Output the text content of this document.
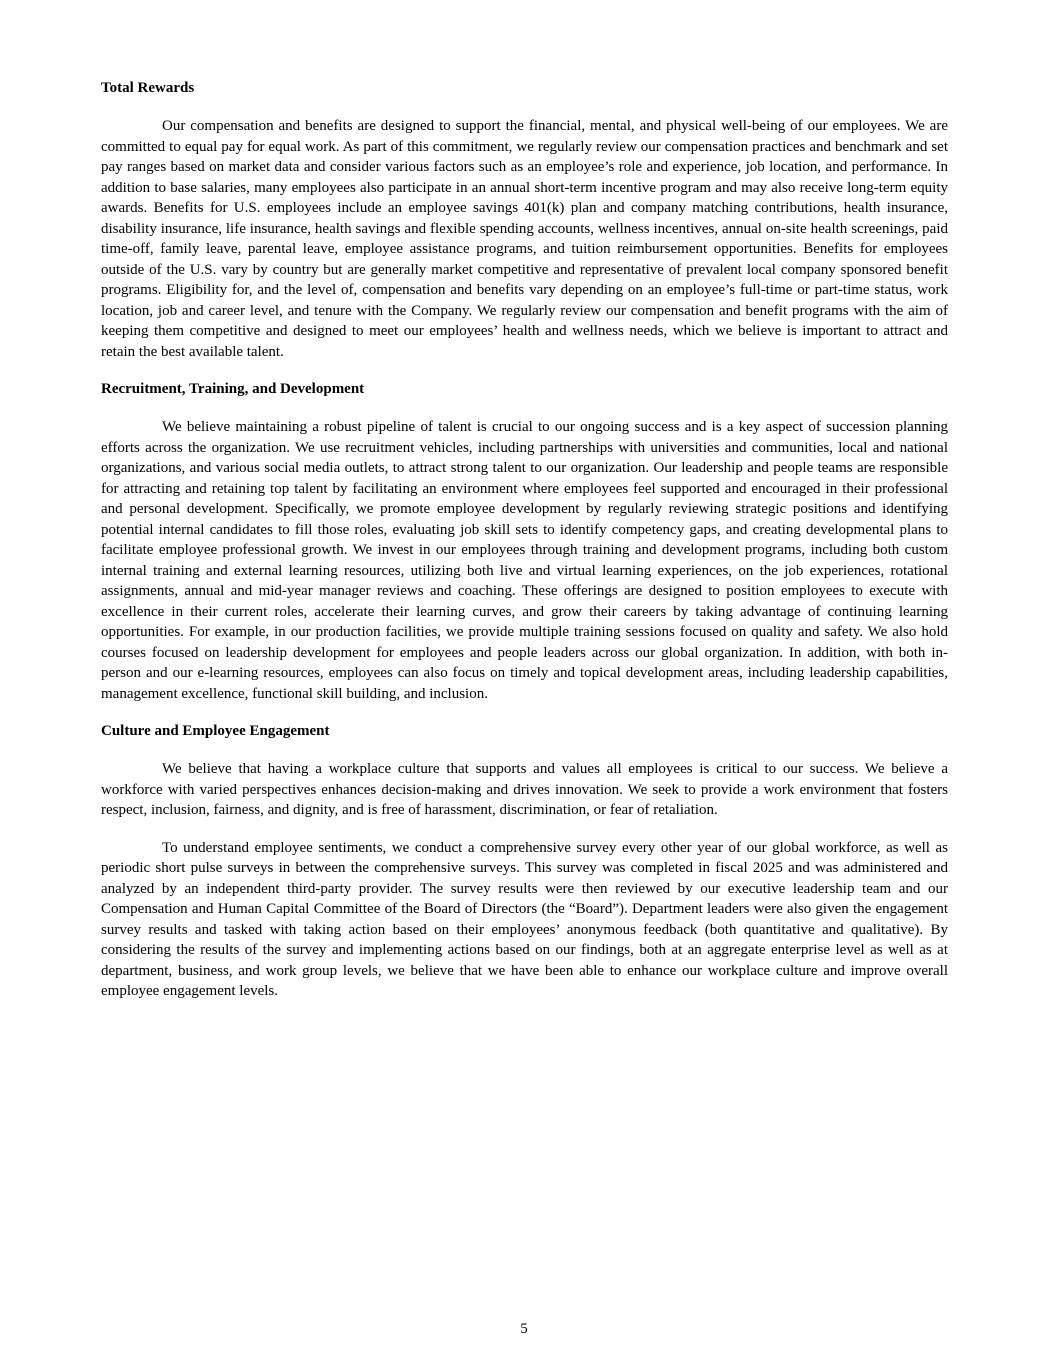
Total Rewards

Our compensation and benefits are designed to support the financial, mental, and physical well-being of our employees. We are committed to equal pay for equal work. As part of this commitment, we regularly review our compensation practices and benchmark and set pay ranges based on market data and consider various factors such as an employee’s role and experience, job location, and performance. In addition to base salaries, many employees also participate in an annual short-term incentive program and may also receive long-term equity awards. Benefits for U.S. employees include an employee savings 401(k) plan and company matching contributions, health insurance, disability insurance, life insurance, health savings and flexible spending accounts, wellness incentives, annual on-site health screenings, paid time-off, family leave, parental leave, employee assistance programs, and tuition reimbursement opportunities. Benefits for employees outside of the U.S. vary by country but are generally market competitive and representative of prevalent local company sponsored benefit programs. Eligibility for, and the level of, compensation and benefits vary depending on an employee’s full-time or part-time status, work location, job and career level, and tenure with the Company. We regularly review our compensation and benefit programs with the aim of keeping them competitive and designed to meet our employees’ health and wellness needs, which we believe is important to attract and retain the best available talent.

Recruitment, Training, and Development

We believe maintaining a robust pipeline of talent is crucial to our ongoing success and is a key aspect of succession planning efforts across the organization. We use recruitment vehicles, including partnerships with universities and communities, local and national organizations, and various social media outlets, to attract strong talent to our organization. Our leadership and people teams are responsible for attracting and retaining top talent by facilitating an environment where employees feel supported and encouraged in their professional and personal development. Specifically, we promote employee development by regularly reviewing strategic positions and identifying potential internal candidates to fill those roles, evaluating job skill sets to identify competency gaps, and creating developmental plans to facilitate employee professional growth. We invest in our employees through training and development programs, including both custom internal training and external learning resources, utilizing both live and virtual learning experiences, on the job experiences, rotational assignments, annual and mid-year manager reviews and coaching. These offerings are designed to position employees to execute with excellence in their current roles, accelerate their learning curves, and grow their careers by taking advantage of continuing learning opportunities. For example, in our production facilities, we provide multiple training sessions focused on quality and safety. We also hold courses focused on leadership development for employees and people leaders across our global organization. In addition, with both in-person and our e-learning resources, employees can also focus on timely and topical development areas, including leadership capabilities, management excellence, functional skill building, and inclusion.

Culture and Employee Engagement

We believe that having a workplace culture that supports and values all employees is critical to our success. We believe a workforce with varied perspectives enhances decision-making and drives innovation. We seek to provide a work environment that fosters respect, inclusion, fairness, and dignity, and is free of harassment, discrimination, or fear of retaliation.

To understand employee sentiments, we conduct a comprehensive survey every other year of our global workforce, as well as periodic short pulse surveys in between the comprehensive surveys. This survey was completed in fiscal 2025 and was administered and analyzed by an independent third-party provider. The survey results were then reviewed by our executive leadership team and our Compensation and Human Capital Committee of the Board of Directors (the “Board”). Department leaders were also given the engagement survey results and tasked with taking action based on their employees’ anonymous feedback (both quantitative and qualitative). By considering the results of the survey and implementing actions based on our findings, both at an aggregate enterprise level as well as at department, business, and work group levels, we believe that we have been able to enhance our workplace culture and improve overall employee engagement levels.

5
